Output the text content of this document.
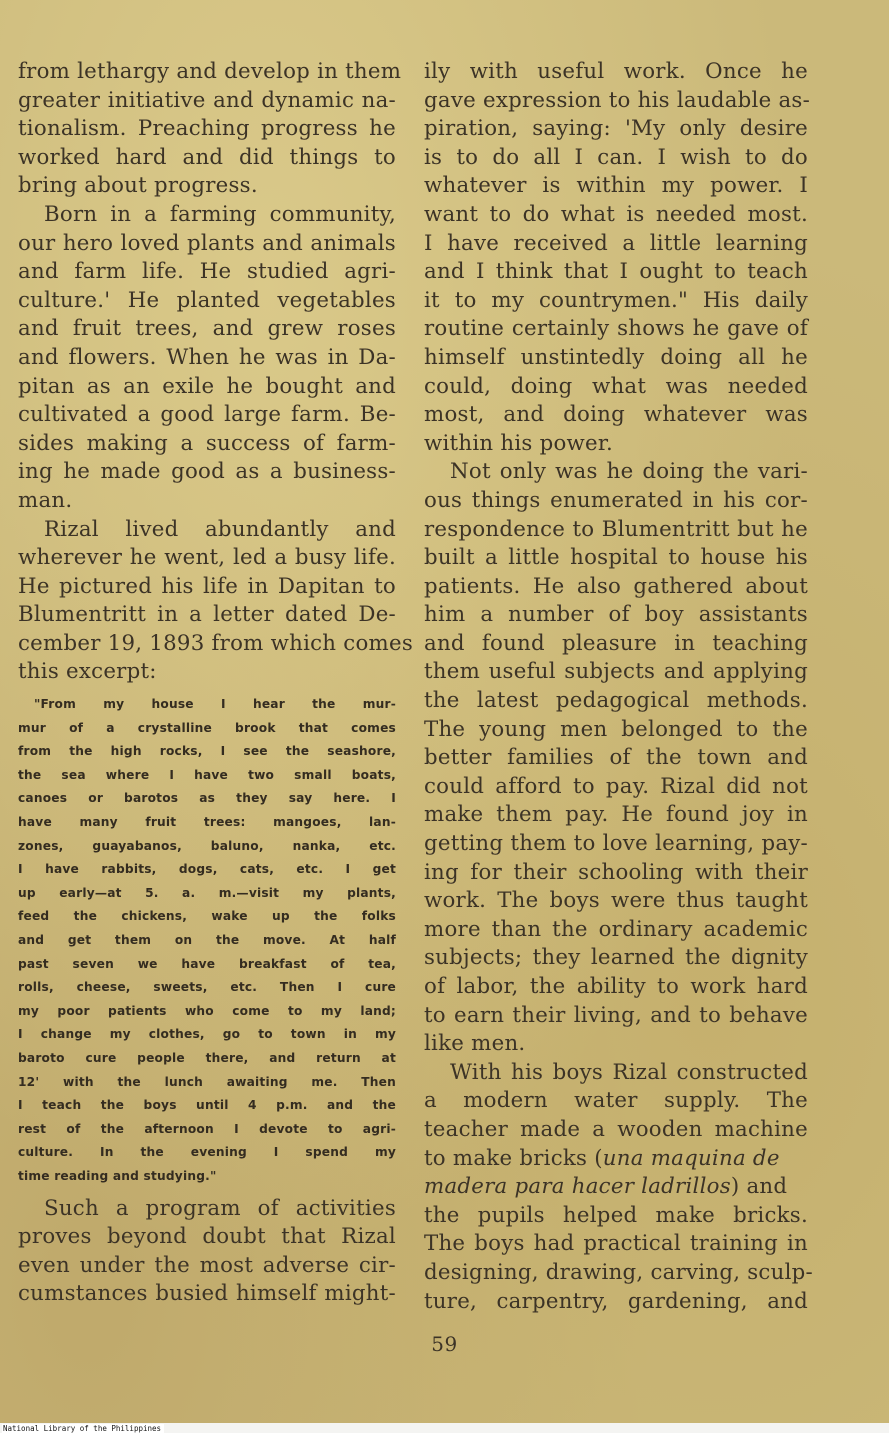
from lethargy and develop in them
greater initiative and dynamic na-
tionalism. Preaching progress he
worked hard and did things to
bring about progress.
Born in a farming community,
our hero loved plants and animals
and farm life. He studied agri-
culture.' He planted vegetables
and fruit trees, and grew roses
and flowers. When he was in Da-
pitan as an exile he bought and
cultivated a good large farm. Be-
sides making a success of farm-
ing he made good as a business-
man.
Rizal lived abundantly and
wherever he went, led a busy life.
He pictured his life in Dapitan to
Blumentritt in a letter dated De-
cember 19, 1893 from which comes
this excerpt:
"From my house I hear the mur-
mur of a crystalline brook that comes
from the high rocks, I see the seashore,
the sea where I have two small boats,
canoes or barotos as they say here. I
have many fruit trees: mangoes, lan-
zones, guayabanos, baluno, nanka, etc.
I have rabbits, dogs, cats, etc. I get
up early—at 5. a. m.—visit my plants,
feed the chickens, wake up the folks
and get them on the move. At half
past seven we have breakfast of tea,
rolls, cheese, sweets, etc. Then I cure
my poor patients who come to my land;
I change my clothes, go to town in my
baroto cure people there, and return at
12' with the lunch awaiting me. Then
I teach the boys until 4 p.m. and the
rest of the afternoon I devote to agri-
culture. In the evening I spend my
time reading and studying."
Such a program of activities
proves beyond doubt that Rizal
even under the most adverse cir-
cumstances busied himself might-
ily with useful work. Once he
gave expression to his laudable as-
piration, saying: 'My only desire
is to do all I can. I wish to do
whatever is within my power. I
want to do what is needed most.
I have received a little learning
and I think that I ought to teach
it to my countrymen." His daily
routine certainly shows he gave of
himself unstintedly doing all he
could, doing what was needed
most, and doing whatever was
within his power.
Not only was he doing the vari-
ous things enumerated in his cor-
respondence to Blumentritt but he
built a little hospital to house his
patients. He also gathered about
him a number of boy assistants
and found pleasure in teaching
them useful subjects and applying
the latest pedagogical methods.
The young men belonged to the
better families of the town and
could afford to pay. Rizal did not
make them pay. He found joy in
getting them to love learning, pay-
ing for their schooling with their
work. The boys were thus taught
more than the ordinary academic
subjects; they learned the dignity
of labor, the ability to work hard
to earn their living, and to behave
like men.
With his boys Rizal constructed
a modern water supply. The
teacher made a wooden machine
to make bricks (una maquina de
madera para hacer ladrillos) and
the pupils helped make bricks.
The boys had practical training in
designing, drawing, carving, sculp-
ture, carpentry, gardening, and
59
National Library of the Philippines
